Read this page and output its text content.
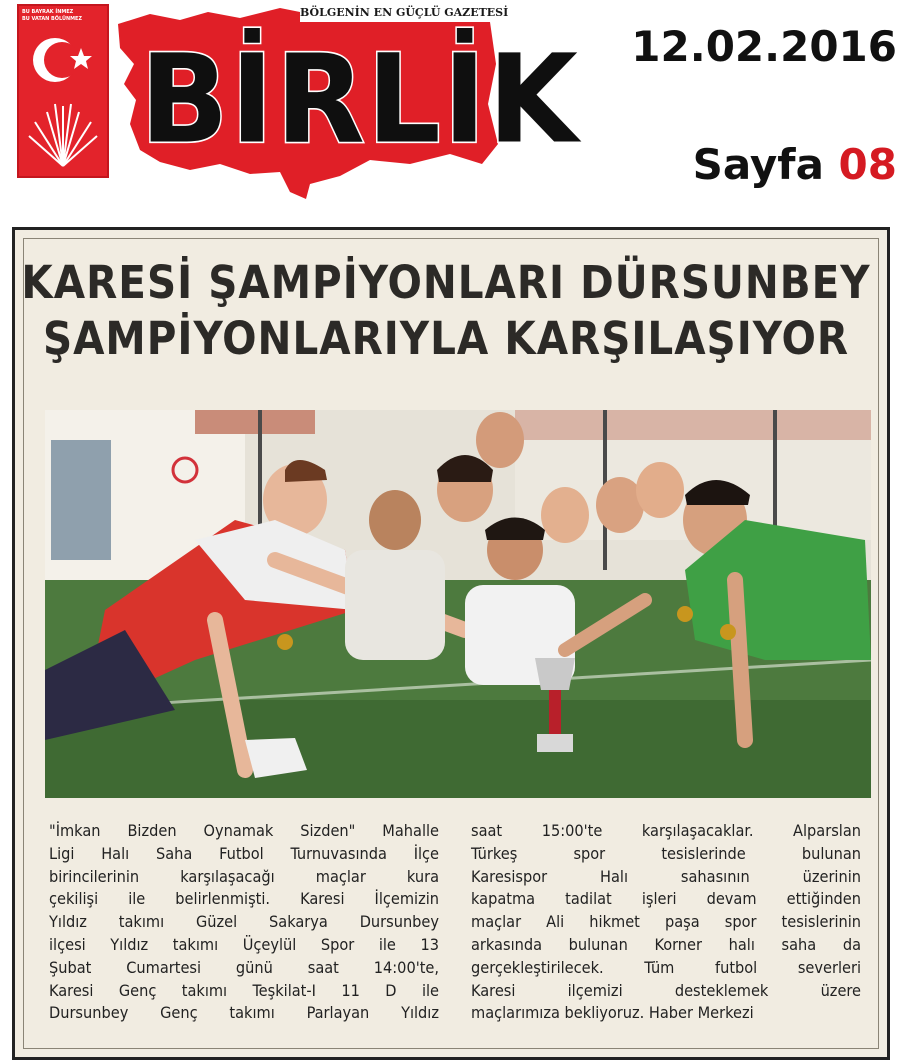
BU BAYRAK İNMEZ
BU VATAN BÖLÜNMEZ	BÖLGENİN EN GÜÇLÜ GAZETESİ
BİRLİK 12.02.2016
Sayfa 08
KARESİ ŞAMPİYONLARI DÜRSUNBEY
ŞAMPİYONLARIYLA KARŞILAŞIYOR
"İmkan Bizden Oynamak Sizden" Mahalle
Ligi Halı Saha Futbol Turnuvasında İlçe
birincilerinin karşılaşacağı maçlar kura
çekilişi ile belirlenmişti. Karesi İlçemizin
Yıldız takımı Güzel Sakarya Dursunbey
ilçesi Yıldız takımı Üçeylül Spor ile 13
Şubat Cumartesi günü saat 14:00'te,
Karesi Genç takımı Teşkilat-I 11 D ile
Dursunbey Genç takımı Parlayan Yıldız
saat 15:00'te karşılaşacaklar. Alparslan
Türkeş spor tesislerinde bulunan
Karesispor Halı sahasının üzerinin
kapatma tadilat işleri devam ettiğinden
maçlar Ali hikmet paşa spor tesislerinin
arkasında bulunan Korner halı saha da
gerçekleştirilecek. Tüm futbol severleri
Karesi ilçemizi desteklemek üzere
maçlarımıza bekliyoruz. Haber Merkezi
